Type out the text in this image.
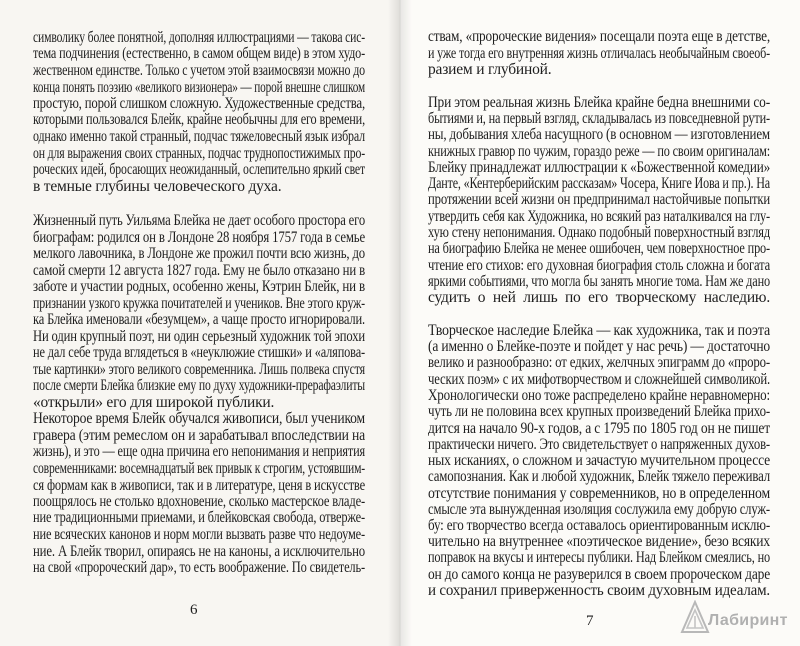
символику более понятной, дополняя иллюстрациями — такова сис-
тема подчинения (естественно, в самом общем виде) в этом худо-
жественном единстве. Только с учетом этой взаимосвязи можно до
конца понять поэзию «великого визионера» — порой внешне слишком
простую, порой слишком сложную. Художественные средства,
которыми пользовался Блейк, крайне необычны для его времени,
однако именно такой странный, подчас тяжеловесный язык избрал
он для выражения своих странных, подчас труднопостижимых про-
роческих идей, бросающих неожиданный, ослепительно яркий свет
в темные глубины человеческого духа.
Жизненный путь Уильяма Блейка не дает особого простора его
биографам: родился он в Лондоне 28 ноября 1757 года в семье
мелкого лавочника, в Лондоне же прожил почти всю жизнь, до
самой смерти 12 августа 1827 года. Ему не было отказано ни в
заботе и участии родных, особенно жены, Кэтрин Блейк, ни в
признании узкого кружка почитателей и учеников. Вне этого круж-
ка Блейка именовали «безумцем», а чаще просто игнорировали.
Ни один крупный поэт, ни один серьезный художник той эпохи
не дал себе труда вглядеться в «неуклюжие стишки» и «аляпова-
тые картинки» этого великого современника. Лишь полвека спустя
после смерти Блейка близкие ему по духу художники-прерафаэлиты
«открыли» его для широкой публики.
Некоторое время Блейк обучался живописи, был учеником
гравера (этим ремеслом он и зарабатывал впоследствии на
жизнь), и это — еще одна причина его непонимания и неприятия
современниками: восемнадцатый век привык к строгим, устоявшим-
ся формам как в живописи, так и в литературе, ценя в искусстве
поощрялось не столько вдохновение, сколько мастерское владе-
ние традиционными приемами, и блейковская свобода, отверже-
ние всяческих канонов и норм могли вызвать разве что недоуме-
ние. А Блейк творил, опираясь не на каноны, а исключительно
на свой «пророческий дар», то есть воображение. По свидетель-
ствам, «пророческие видения» посещали поэта еще в детстве,
и уже тогда его внутренняя жизнь отличалась необычайным своеоб-
разием и глубиной.
При этом реальная жизнь Блейка крайне бедна внешними со-
бытиями и, на первый взгляд, складывалась из повседневной рути-
ны, добывания хлеба насущного (в основном — изготовлением
книжных гравюр по чужим, гораздо реже — по своим оригиналам:
Блейку принадлежат иллюстрации к «Божественной комедии»
Данте, «Кентерберийским рассказам» Чосера, Книге Иова и пр.). На
протяжении всей жизни он предпринимал настойчивые попытки
утвердить себя как Художника, но всякий раз наталкивался на глу-
хую стену непонимания. Однако подобный поверхностный взгляд
на биографию Блейка не менее ошибочен, чем поверхностное про-
чтение его стихов: его духовная биография столь сложна и богата
яркими событиями, что могла бы занять многие тома. Нам же дано
судить о ней лишь по его творческому наследию.
Творческое наследие Блейка — как художника, так и поэта
(а именно о Блейке-поэте и пойдет у нас речь) — достаточно
велико и разнообразно: от едких, желчных эпиграмм до «проро-
ческих поэм» с их мифотворчеством и сложнейшей символикой.
Хронологически оно тоже распределено крайне неравномерно:
чуть ли не половина всех крупных произведений Блейка прихо-
дится на начало 90-х годов, а с 1795 по 1805 год он не пишет
практически ничего. Это свидетельствует о напряженных духов-
ных исканиях, о сложном и зачастую мучительном процессе
самопознания. Как и любой художник, Блейк тяжело переживал
отсутствие понимания у современников, но в определенном
смысле эта вынужденная изоляция сослужила ему добрую служ-
бу: его творчество всегда оставалось ориентированным исклю-
чительно на внутреннее «поэтическое видение», безо всяких
поправок на вкусы и интересы публики. Над Блейком смеялись, но
он до самого конца не разуверился в своем пророческом даре
и сохранил приверженность своим духовным идеалам.
6
7	Лабиринт
